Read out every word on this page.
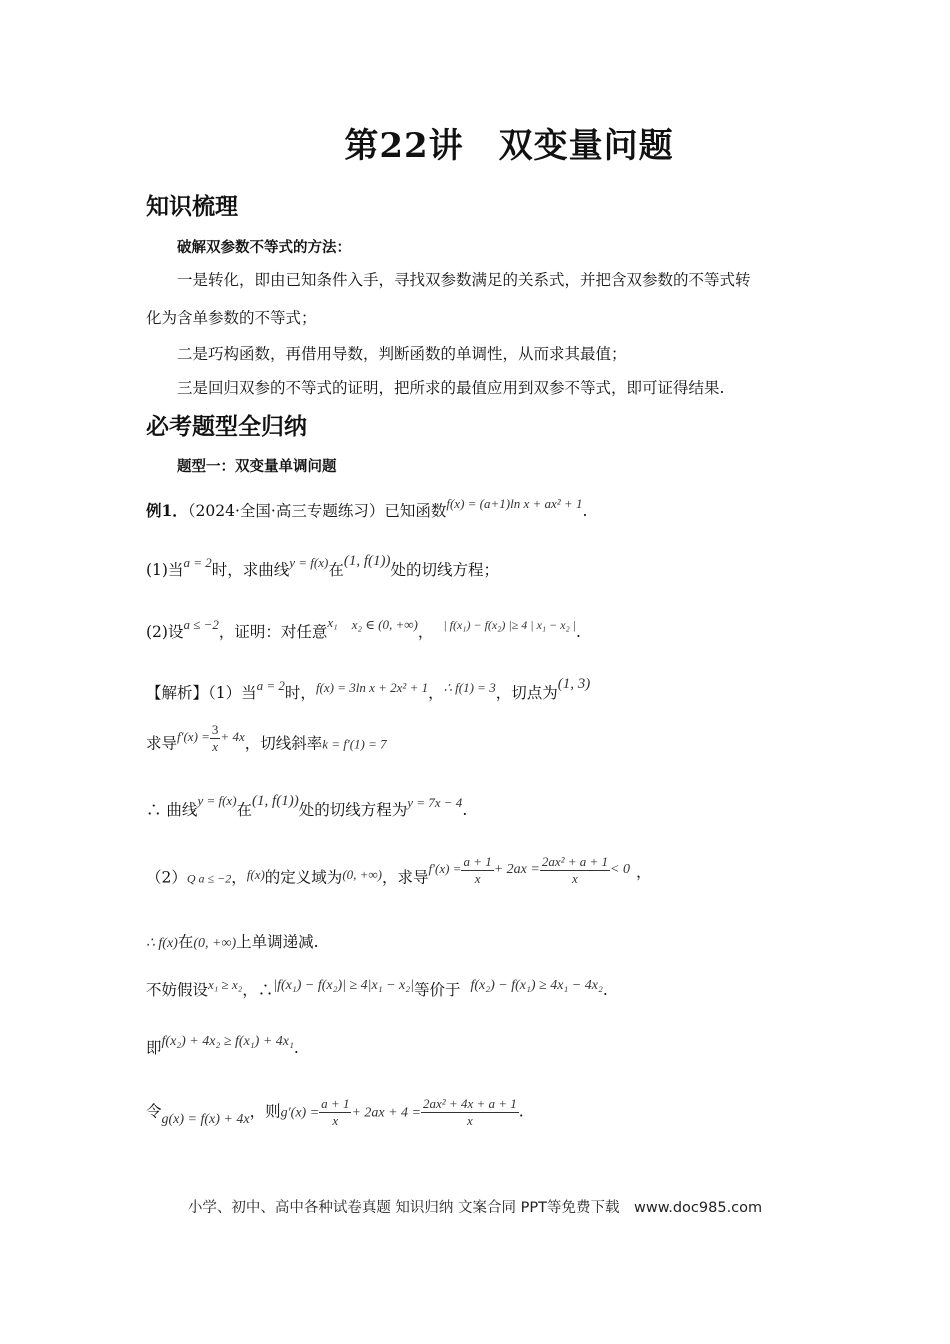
第22讲　双变量问题
知识梳理
破解双参数不等式的方法：
一是转化，即由已知条件入手，寻找双参数满足的关系式，并把含双参数的不等式转
化为含单参数的不等式；
二是巧构函数，再借用导数，判断函数的单调性，从而求其最值；
三是回归双参的不等式的证明，把所求的最值应用到双参不等式，即可证得结果.
必考题型全归纳
题型一：双变量单调问题
例1．（2024·全国·高三专题练习）已知函数$^{f(x) = (a+1)ln x + ax^2 + 1}$.
(1)当$^{a = 2}$时，求曲线$^{y = f(x)}$在(1, f(1))处的切线方程；
(2)设$^{a \le -2}$，证明：对任意$^{x_1}$ $^{x_2 \in (0, +\infty)}$， $^{| f(x_1) - f(x_2) |\ge 4 | x_1 - x_2 |}$.
【解析】（1）当$^{a = 2}$时，$^{f(x) = 3ln x + 2x^2 + 1}$，$^{\therefore f(1) = 3}$，切点为(1, 3)
求导$^{f'(x) =} \frac{3}{x} ^{+ 4x}$，切线斜率k = f′(1) = 7
∴ 曲线$^{y = f(x)}$在(1, f(1))处的切线方程为$^{y = 7x - 4}$.
（2）Q a ≤ −2，$^{f(x)}$的定义域为$^{(0, +\infty)}$，求导$^{f'(x) =} \frac{a + 1}{x} + 2ax = \frac{\text{2ax² + a + 1}}{x} < 0$ ，
∴ f(x)在(0, +∞)上单调递减.
不妨假设$^{x_1 \ge x_2}$，∴|f(x₁) − f(x₂)| ≥ 4|x₁ − x₂|等价于 f(x₂) − f(x₁) ≥ 4x₁ − 4x₂.
即f(x₂) + 4x₂ ≥ f(x₁) + 4x₁.
令g(x) = f(x) + 4x，则$g'(x) = \frac{a + 1}{x} + 2ax + 4 = \frac{\text{2ax² + 4x + a + 1}}{x}$ .
小学、初中、高中各种试卷真题 知识归纳 文案合同 PPT等免费下载　www.doc985.com
